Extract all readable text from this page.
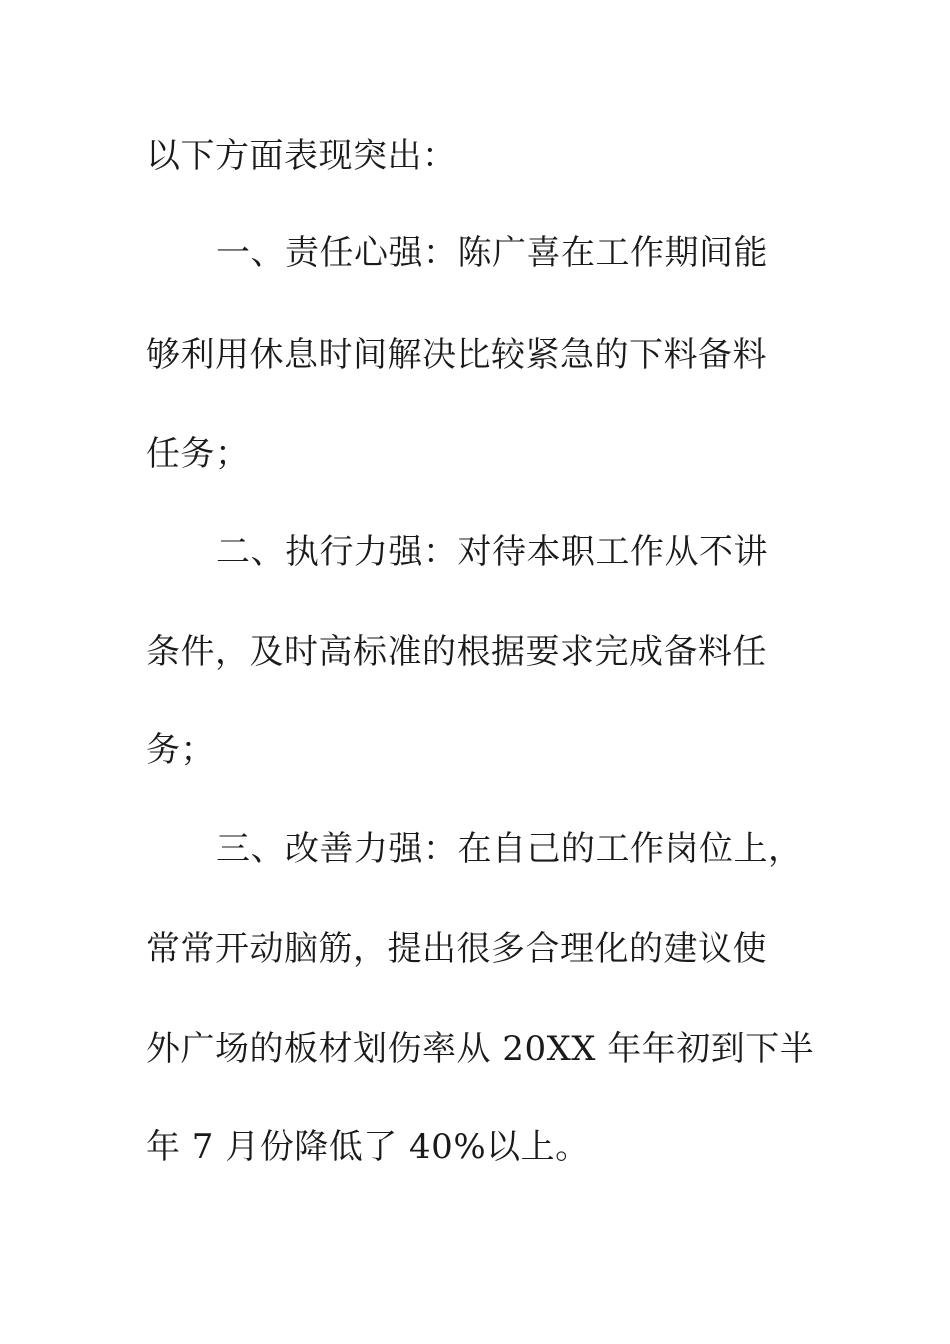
以下方面表现突出：

一、责任心强：陈广喜在工作期间能

够利用休息时间解决比较紧急的下料备料

任务；

二、执行力强：对待本职工作从不讲

条件，及时高标准的根据要求完成备料任

务；

三、改善力强：在自己的工作岗位上，

常常开动脑筋，提出很多合理化的建议使

外广场的板材划伤率从 20XX 年年初到下半

年 7 月份降低了 40%以上。
